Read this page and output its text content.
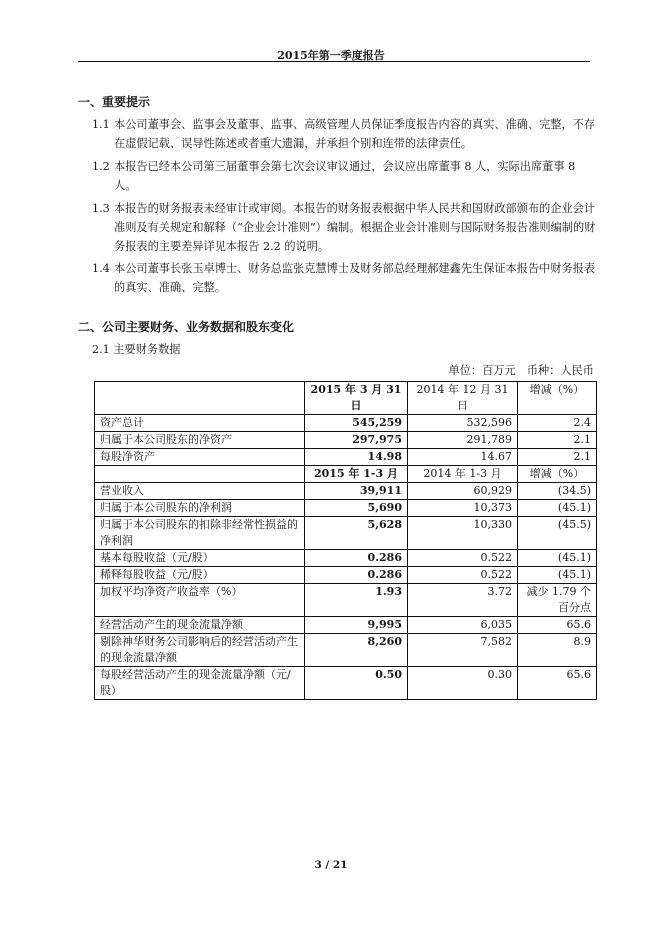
2015年第一季度报告
一、重要提示
1.1 本公司董事会、监事会及董事、监事、高级管理人员保证季度报告内容的真实、准确、完整，不存在虚假记载、误导性陈述或者重大遗漏，并承担个别和连带的法律责任。
1.2 本报告已经本公司第三届董事会第七次会议审议通过，会议应出席董事 8 人，实际出席董事 8 人。
1.3 本报告的财务报表未经审计或审阅。本报告的财务报表根据中华人民共和国财政部颁布的企业会计准则及有关规定和解释（“企业会计准则”）编制。根据企业会计准则与国际财务报告准则编制的财务报表的主要差异详见本报告 2.2 的说明。
1.4 本公司董事长张玉卓博士、财务总监张克慧博士及财务部总经理郝建鑫先生保证本报告中财务报表的真实、准确、完整。
二、公司主要财务、业务数据和股东变化
2.1 主要财务数据
单位：百万元　币种：人民币
	2015 年 3 月 31 日	2014 年 12 月 31 日	增减（%）
资产总计	545,259	532,596	2.4
归属于本公司股东的净资产	297,975	291,789	2.1
每股净资产	14.98	14.67	2.1
	2015 年 1-3 月	2014 年 1-3 月	增减（%）
营业收入	39,911	60,929	(34.5)
归属于本公司股东的净利润	5,690	10,373	(45.1)
归属于本公司股东的扣除非经常性损益的净利润	5,628	10,330	(45.5)
基本每股收益（元/股）	0.286	0.522	(45.1)
稀释每股收益（元/股）	0.286	0.522	(45.1)
加权平均净资产收益率（%）	1.93	3.72	减少 1.79 个百分点
经营活动产生的现金流量净额	9,995	6,035	65.6
剔除神华财务公司影响后的经营活动产生的现金流量净额	8,260	7,582	8.9
每股经营活动产生的现金流量净额（元/股）	0.50	0.30	65.6
3 / 21
